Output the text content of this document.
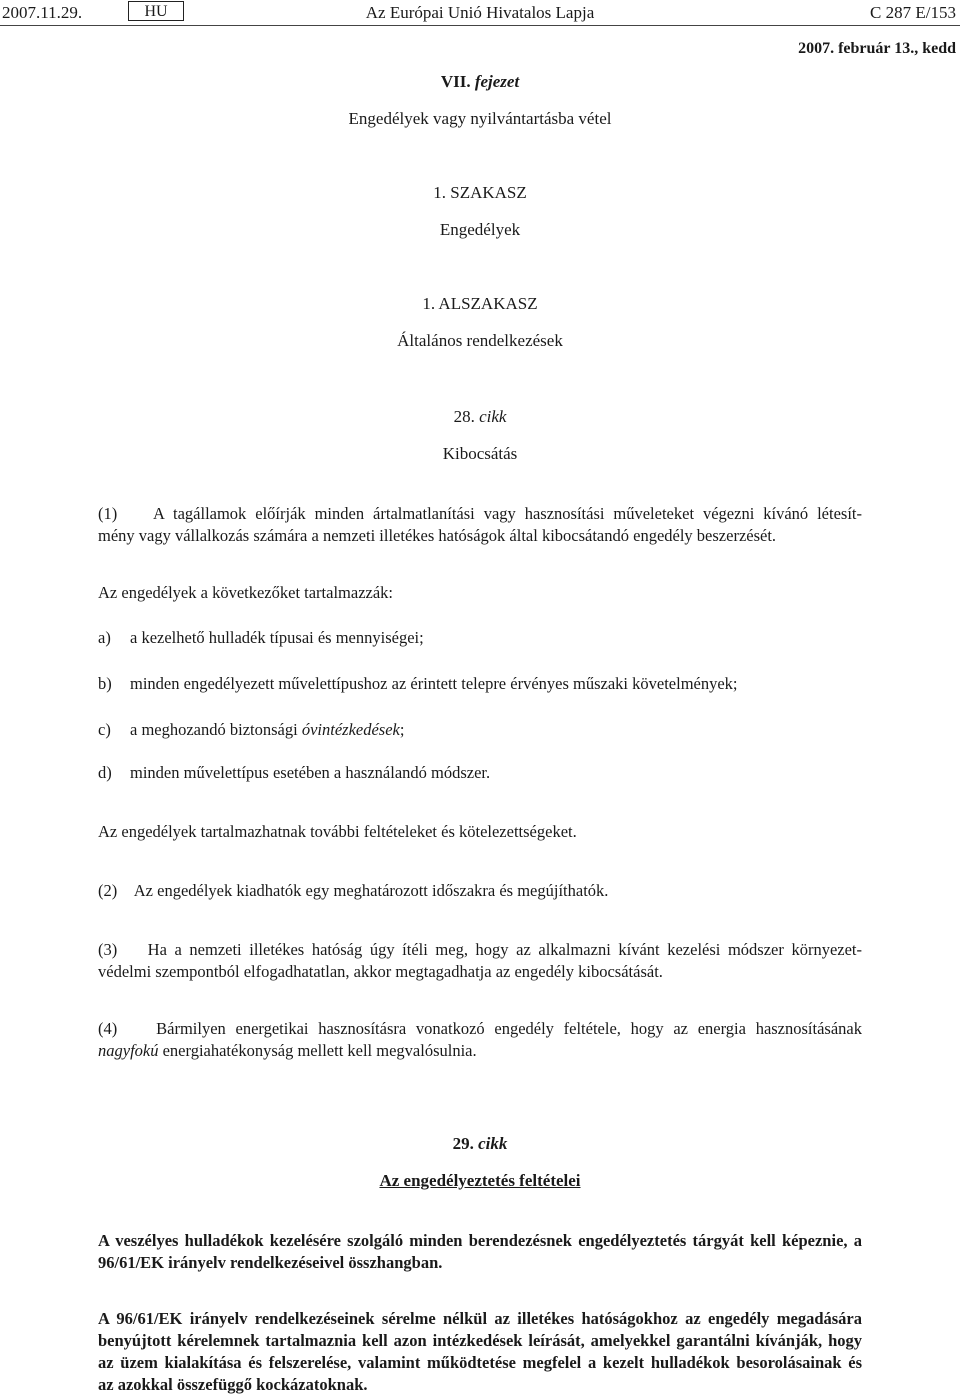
2007.11.29.	HU	Az Európai Unió Hivatalos Lapja	C 287 E/153
2007. február 13., kedd
VII. fejezet
Engedélyek vagy nyilvántartásba vétel
1. SZAKASZ
Engedélyek
1. ALSZAKASZ
Általános rendelkezések
28. cikk
Kibocsátás
(1) A tagállamok előírják minden ártalmatlanítási vagy hasznosítási műveleteket végezni kívánó létesít-
mény vagy vállalkozás számára a nemzeti illetékes hatóságok által kibocsátandó engedély beszerzését.
Az engedélyek a következőket tartalmazzák:
a) a kezelhető hulladék típusai és mennyiségei;
b) minden engedélyezett művelettípushoz az érintett telepre érvényes műszaki követelmények;
c) a meghozandó biztonsági óvintézkedések;
d) minden művelettípus esetében a használandó módszer.
Az engedélyek tartalmazhatnak további feltételeket és kötelezettségeket.
(2) Az engedélyek kiadhatók egy meghatározott időszakra és megújíthatók.
(3) Ha a nemzeti illetékes hatóság úgy ítéli meg, hogy az alkalmazni kívánt kezelési módszer környezet-
védelmi szempontból elfogadhatatlan, akkor megtagadhatja az engedély kibocsátását.
(4) Bármilyen energetikai hasznosításra vonatkozó engedély feltétele, hogy az energia hasznosításának
nagyfokú energiahatékonyság mellett kell megvalósulnia.
29. cikk
Az engedélyeztetés feltételei
A veszélyes hulladékok kezelésére szolgáló minden berendezésnek engedélyeztetés tárgyát kell képeznie, a
96/61/EK irányelv rendelkezéseivel összhangban.
A 96/61/EK irányelv rendelkezéseinek sérelme nélkül az illetékes hatóságokhoz az engedély megadására
benyújtott kérelemnek tartalmaznia kell azon intézkedések leírását, amelyekkel garantálni kívánják, hogy
az üzem kialakítása és felszerelése, valamint működtetése megfelel a kezelt hulladékok besorolásainak és
az azokkal összefüggő kockázatoknak.
